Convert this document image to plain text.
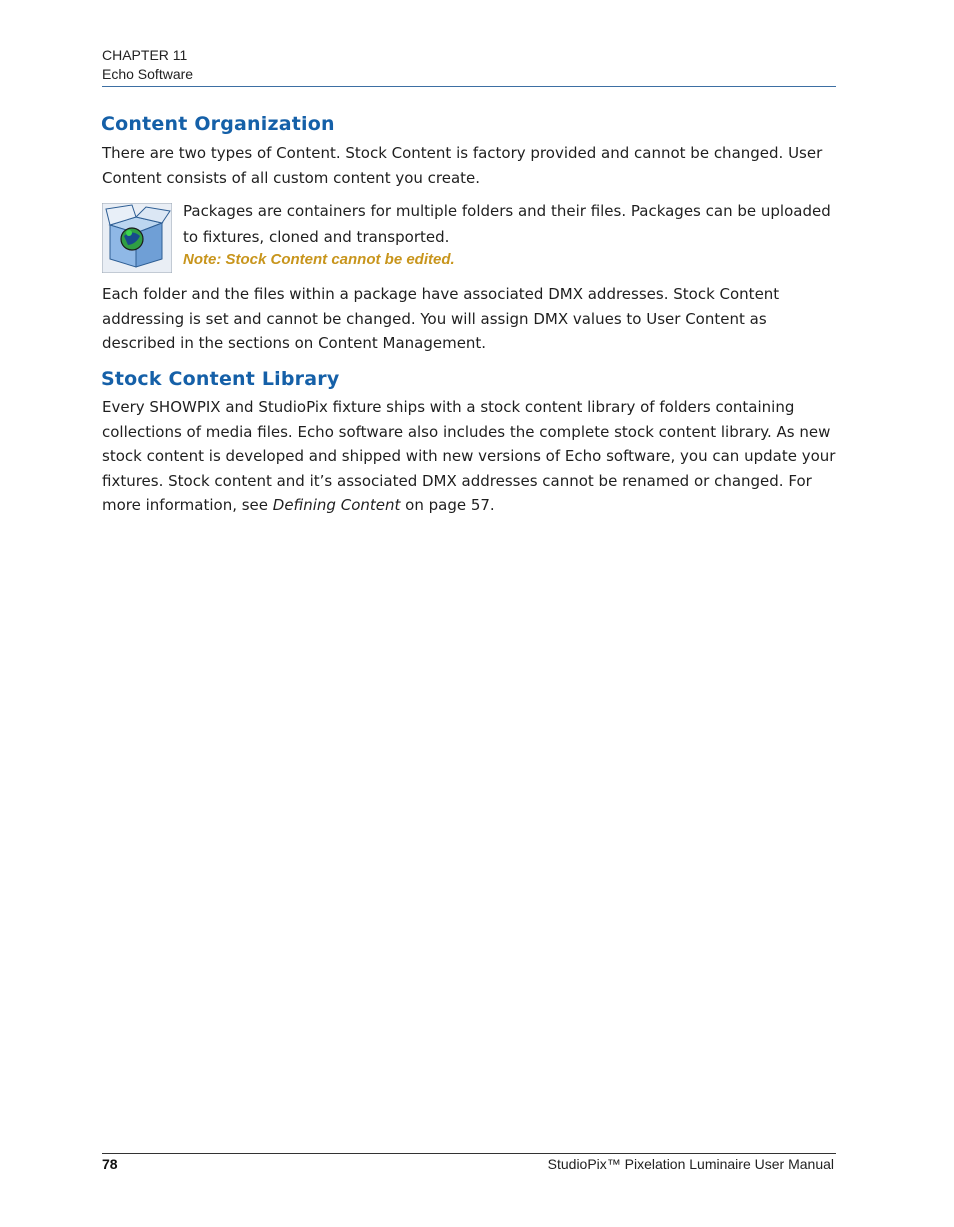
CHAPTER 11
Echo Software
Content Organization

There are two types of Content. Stock Content is factory provided and cannot be changed. User Content consists of all custom content you create.

Packages are containers for multiple folders and their files. Packages can be uploaded to fixtures, cloned and transported.
Note: Stock Content cannot be edited.

Each folder and the files within a package have associated DMX addresses. Stock Content addressing is set and cannot be changed. You will assign DMX values to User Content as described in the sections on Content Management.

Stock Content Library

Every SHOWPIX and StudioPix fixture ships with a stock content library of folders containing collections of media files. Echo software also includes the complete stock content library. As new stock content is developed and shipped with new versions of Echo software, you can update your fixtures. Stock content and it’s associated DMX addresses cannot be renamed or changed. For more information, see Defining Content on page 57.

78	StudioPix™ Pixelation Luminaire User Manual
